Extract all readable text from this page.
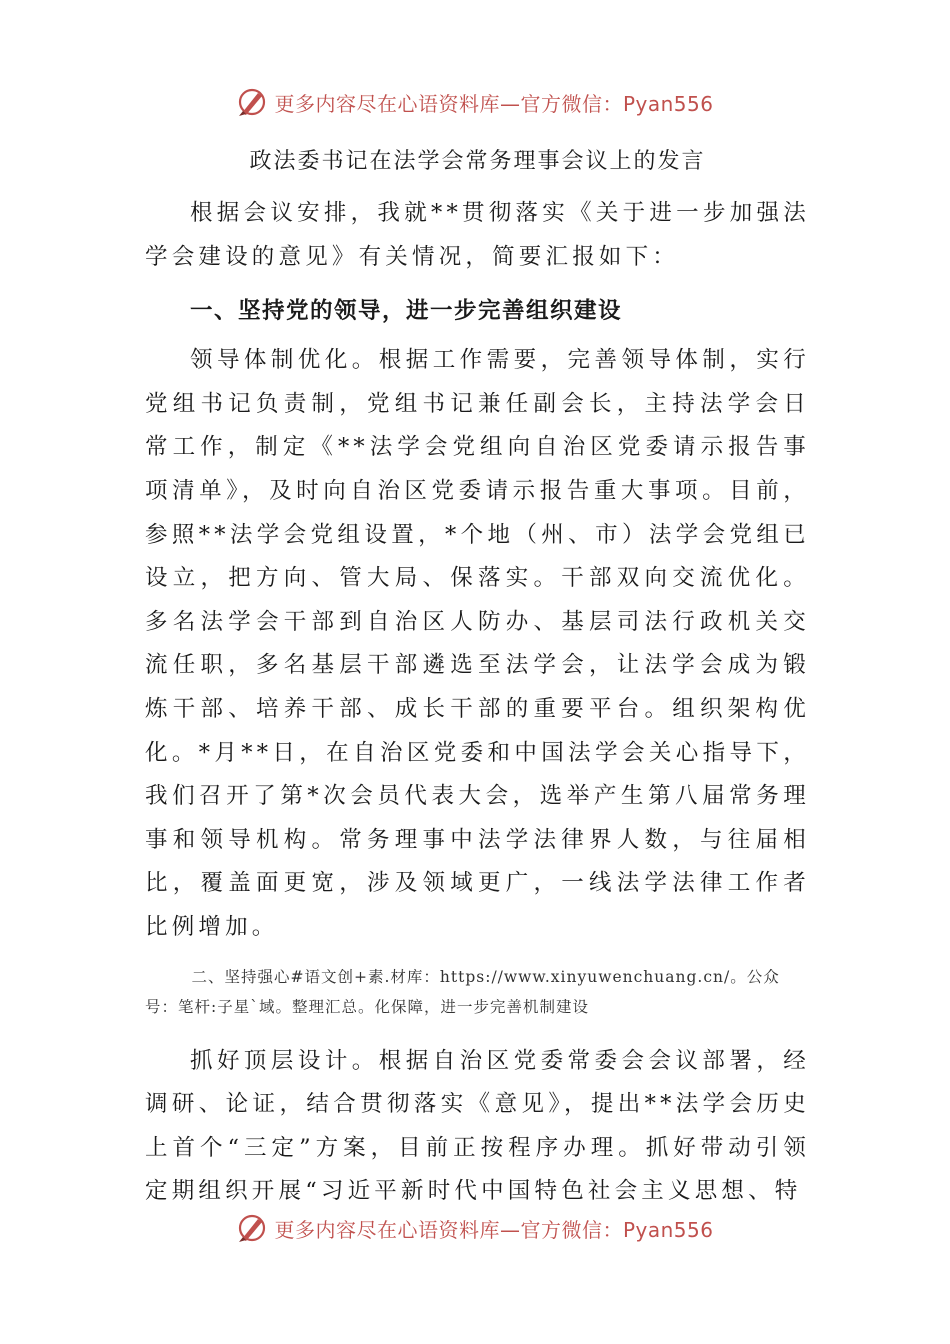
更多内容尽在心语资料库—官方微信：Pyan556
政法委书记在法学会常务理事会议上的发言

根据会议安排，我就**贯彻落实《关于进一步加强法学会建设的意见》有关情况，简要汇报如下：

一、坚持党的领导，进一步完善组织建设

领导体制优化。根据工作需要，完善领导体制，实行党组书记负责制，党组书记兼任副会长，主持法学会日常工作，制定《**法学会党组向自治区党委请示报告事项清单》，及时向自治区党委请示报告重大事项。目前，参照**法学会党组设置，*个地（州、市）法学会党组已设立，把方向、管大局、保落实。干部双向交流优化。多名法学会干部到自治区人防办、基层司法行政机关交流任职，多名基层干部遴选至法学会，让法学会成为锻炼干部、培养干部、成长干部的重要平台。组织架构优化。*月**日，在自治区党委和中国法学会关心指导下，我们召开了第*次会员代表大会，选举产生第八届常务理事和领导机构。常务理事中法学法律界人数，与往届相比，覆盖面更宽，涉及领域更广，一线法学法律工作者比例增加。

二、坚持强心#语文创+素.材库：https://www.xinyuwenchuang.cn/。公众号：笔杆:子星`域。整理汇总。化保障，进一步完善机制建设

抓好顶层设计。根据自治区党委常委会会议部署，经调研、论证，结合贯彻落实《意见》，提出**法学会历史上首个“三定”方案，目前正按程序办理。抓好带动引领定期组织开展“习近平新时代中国特色社会主义思想、特

更多内容尽在心语资料库—官方微信：Pyan556
